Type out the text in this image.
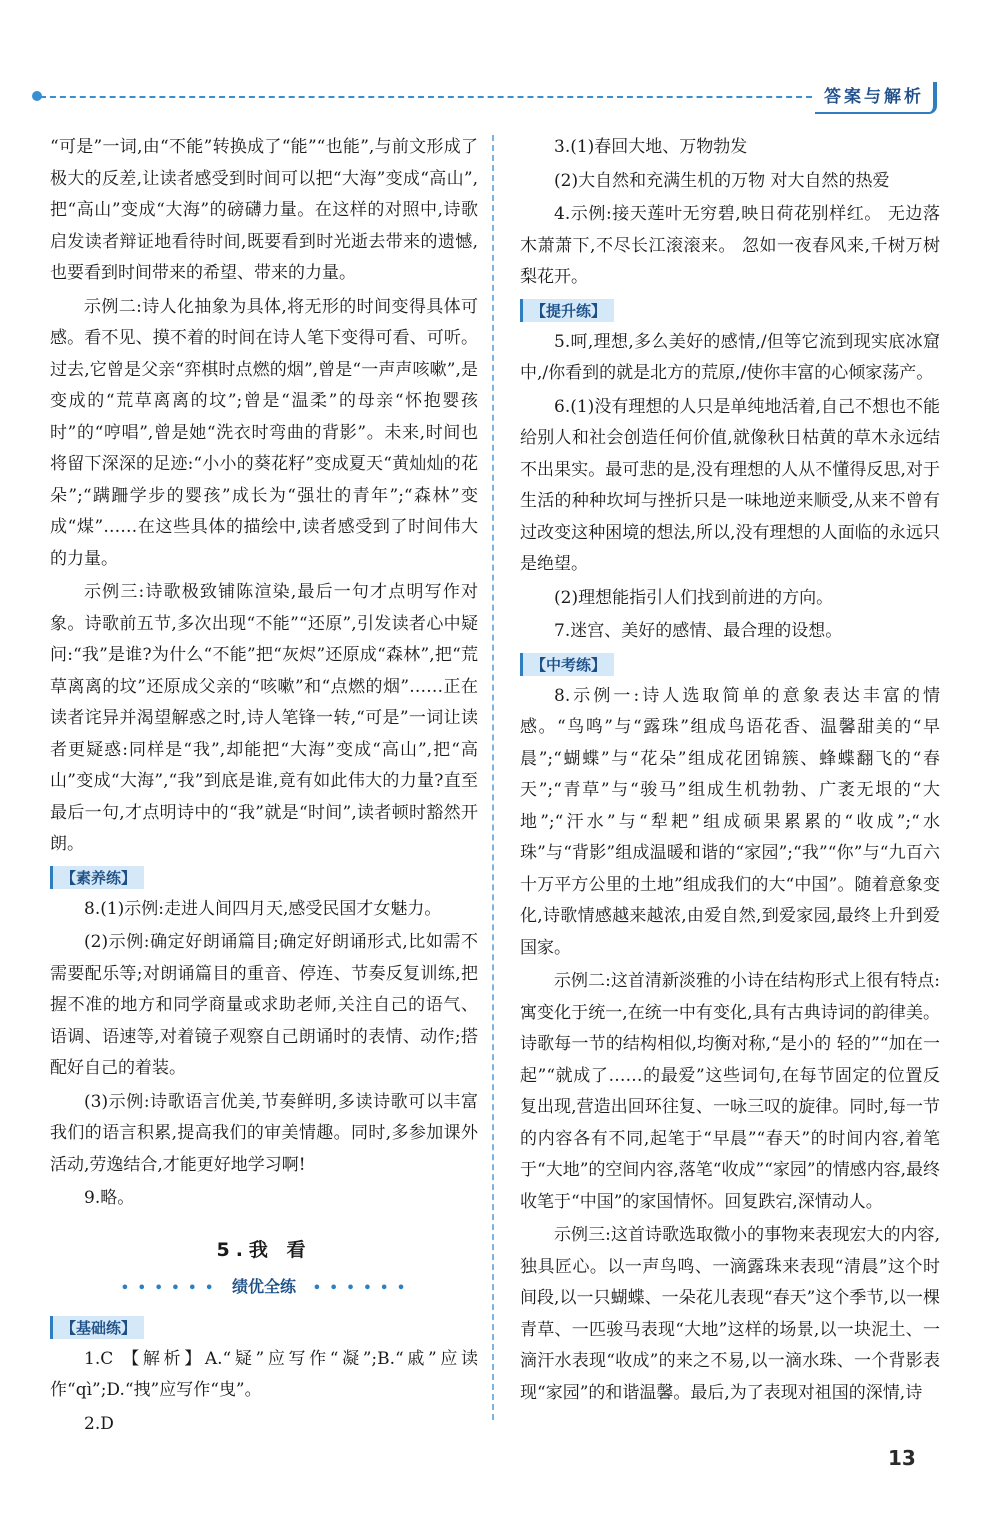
答案与解析

“可是”一词,由“不能”转换成了“能”“也能”,与前文形成了极大的反差,让读者感受到时间可以把“大海”变成“高山”,把“高山”变成“大海”的磅礴力量。在这样的对照中,诗歌启发读者辩证地看待时间,既要看到时光逝去带来的遗憾,也要看到时间带来的希望、带来的力量。

示例二:诗人化抽象为具体,将无形的时间变得具体可感。看不见、摸不着的时间在诗人笔下变得可看、可听。过去,它曾是父亲“弈棋时点燃的烟”,曾是“一声声咳嗽”,是变成的“荒草离离的坟”;曾是“温柔”的母亲“怀抱婴孩时”的“哼唱”,曾是她“洗衣时弯曲的背影”。未来,时间也将留下深深的足迹:“小小的葵花籽”变成夏天“黄灿灿的花朵”;“蹒跚学步的婴孩”成长为“强壮的青年”;“森林”变成“煤”……在这些具体的描绘中,读者感受到了时间伟大的力量。

示例三:诗歌极致铺陈渲染,最后一句才点明写作对象。诗歌前五节,多次出现“不能”“还原”,引发读者心中疑问:“我”是谁?为什么“不能”把“灰烬”还原成“森林”,把“荒草离离的坟”还原成父亲的“咳嗽”和“点燃的烟”……正在读者诧异并渴望解惑之时,诗人笔锋一转,“可是”一词让读者更疑惑:同样是“我”,却能把“大海”变成“高山”,把“高山”变成“大海”,“我”到底是谁,竟有如此伟大的力量?直至最后一句,才点明诗中的“我”就是“时间”,读者顿时豁然开朗。

【素养练】

8.(1)示例:走进人间四月天,感受民国才女魅力。

(2)示例:确定好朗诵篇目;确定好朗诵形式,比如需不需要配乐等;对朗诵篇目的重音、停连、节奏反复训练,把握不准的地方和同学商量或求助老师,关注自己的语气、语调、语速等,对着镜子观察自己朗诵时的表情、动作;搭配好自己的着装。

(3)示例:诗歌语言优美,节奏鲜明,多读诗歌可以丰富我们的语言积累,提高我们的审美情趣。同时,多参加课外活动,劳逸结合,才能更好地学习啊!

9.略。

5.我 看
• • • • • • 绩优全练 • • • • • •
【基础练】

1.C 【解析】A.“疑”应写作“凝”;B.“戚”应读作“qì”;D.“拽”应写作“曳”。

2.D

3.(1)春回大地、万物勃发

(2)大自然和充满生机的万物 对大自然的热爱

4.示例:接天莲叶无穷碧,映日荷花别样红。 无边落木萧萧下,不尽长江滚滚来。 忽如一夜春风来,千树万树梨花开。

【提升练】

5.呵,理想,多么美好的感情,/但等它流到现实底冰窟中,/你看到的就是北方的荒原,/使你丰富的心倾家荡产。

6.(1)没有理想的人只是单纯地活着,自己不想也不能给别人和社会创造任何价值,就像秋日枯黄的草木永远结不出果实。最可悲的是,没有理想的人从不懂得反思,对于生活的种种坎坷与挫折只是一味地逆来顺受,从来不曾有过改变这种困境的想法,所以,没有理想的人面临的永远只是绝望。

(2)理想能指引人们找到前进的方向。

7.迷宫、美好的感情、最合理的设想。

【中考练】

8.示例一:诗人选取简单的意象表达丰富的情感。“鸟鸣”与“露珠”组成鸟语花香、温馨甜美的“早晨”;“蝴蝶”与“花朵”组成花团锦簇、蜂蝶翻飞的“春天”;“青草”与“骏马”组成生机勃勃、广袤无垠的“大地”;“汗水”与“犁耙”组成硕果累累的“收成”;“水珠”与“背影”组成温暖和谐的“家园”;“我”“你”与“九百六十万平方公里的土地”组成我们的大“中国”。随着意象变化,诗歌情感越来越浓,由爱自然,到爱家园,最终上升到爱国家。

示例二:这首清新淡雅的小诗在结构形式上很有特点:寓变化于统一,在统一中有变化,具有古典诗词的韵律美。诗歌每一节的结构相似,均衡对称,“是小的 轻的”“加在一起”“就成了……的最爱”这些词句,在每节固定的位置反复出现,营造出回环往复、一咏三叹的旋律。同时,每一节的内容各有不同,起笔于“早晨”“春天”的时间内容,着笔于“大地”的空间内容,落笔“收成”“家园”的情感内容,最终收笔于“中国”的家国情怀。回复跌宕,深情动人。

示例三:这首诗歌选取微小的事物来表现宏大的内容,独具匠心。以一声鸟鸣、一滴露珠来表现“清晨”这个时间段,以一只蝴蝶、一朵花儿表现“春天”这个季节,以一棵青草、一匹骏马表现“大地”这样的场景,以一块泥土、一滴汗水表现“收成”的来之不易,以一滴水珠、一个背影表现“家园”的和谐温馨。最后,为了表现对祖国的深情,诗

13
